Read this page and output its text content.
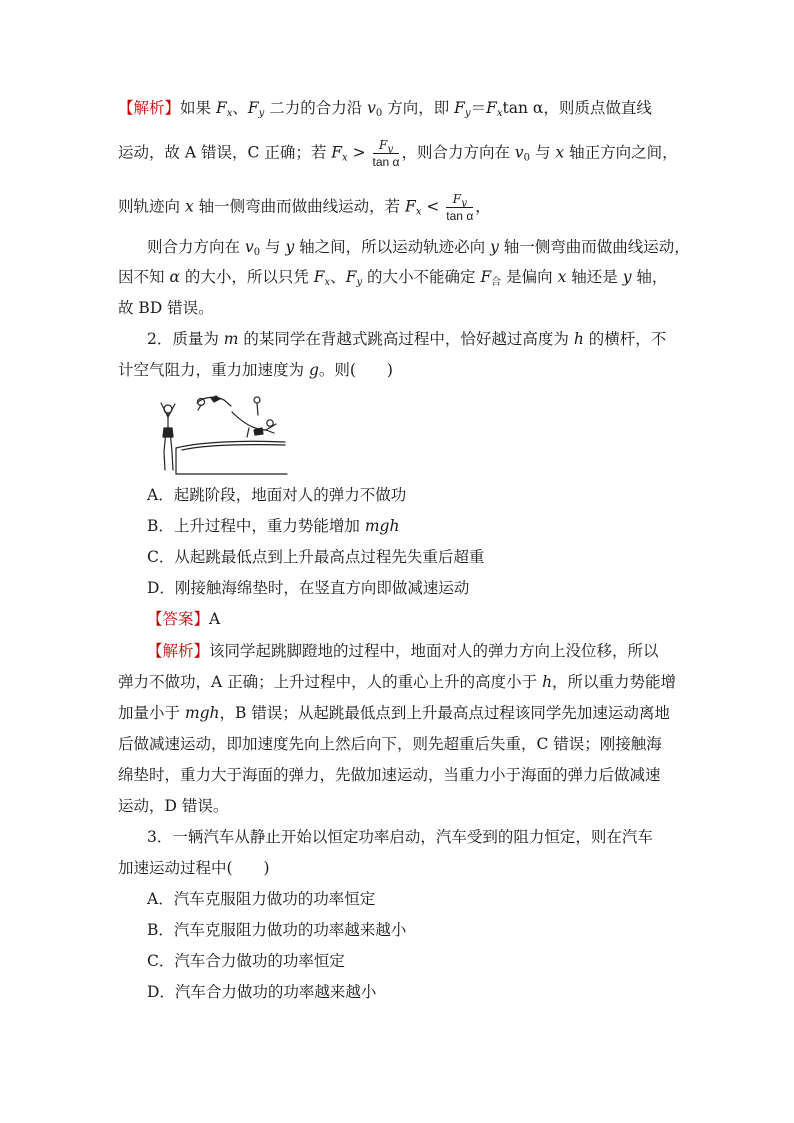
【解析】如果 $F_x$、$F_y$ 二力的合力沿 $v_0$ 方向，即 $F_y=F_x\tan$ α，则质点做直线
运动，故 A 错误，C 正确；若 $F_x > \frac{F_y}{\text{tan α}}$ ，则合力方向在 $v_0$ 与 x 轴正方向之间，
则轨迹向 x 轴一侧弯曲而做曲线运动，若 $F_x < \frac{F_y}{\text{tan α}}$ ，
则合力方向在 $v_0$ 与 y 轴之间，所以运动轨迹必向 y 轴一侧弯曲而做曲线运动，
因不知 α 的大小，所以只凭 $F_x$、$F_y$ 的大小不能确定 $F_合$ 是偏向 x 轴还是 y 轴，
故 BD 错误。
2．质量为 m 的某同学在背越式跳高过程中，恰好越过高度为 h 的横杆，不
计空气阻力，重力加速度为 g。则(　　)
A．起跳阶段，地面对人的弹力不做功
B．上升过程中，重力势能增加 mgh
C．从起跳最低点到上升最高点过程先失重后超重
D．刚接触海绵垫时，在竖直方向即做减速运动
【答案】A
【解析】该同学起跳脚蹬地的过程中，地面对人的弹力方向上没位移，所以
弹力不做功，A 正确；上升过程中，人的重心上升的高度小于 h，所以重力势能增
加量小于 mgh，B 错误；从起跳最低点到上升最高点过程该同学先加速运动离地
后做减速运动，即加速度先向上然后向下，则先超重后失重，C 错误；刚接触海
绵垫时，重力大于海面的弹力，先做加速运动，当重力小于海面的弹力后做减速
运动，D 错误。
3．一辆汽车从静止开始以恒定功率启动，汽车受到的阻力恒定，则在汽车
加速运动过程中(　　)
A．汽车克服阻力做功的功率恒定
B．汽车克服阻力做功的功率越来越小
C．汽车合力做功的功率恒定
D．汽车合力做功的功率越来越小
